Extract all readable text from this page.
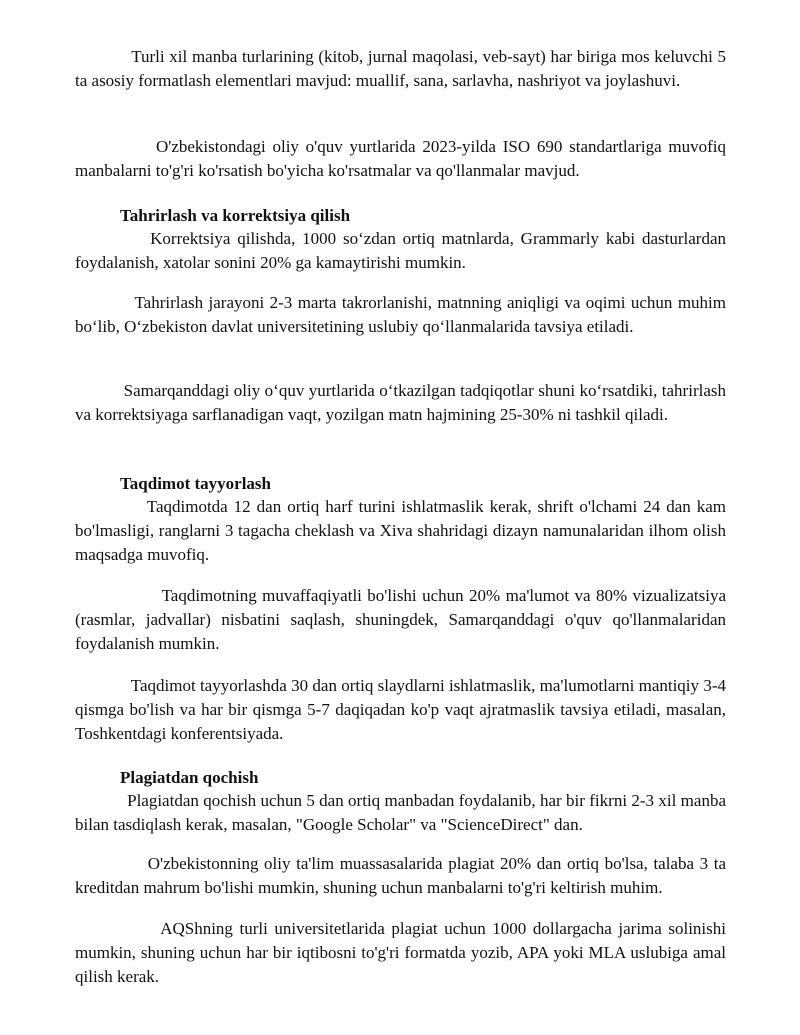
Turli xil manba turlarining (kitob, jurnal maqolasi, veb-sayt) har biriga mos keluvchi 5 ta asosiy formatlash elementlari mavjud: muallif, sana, sarlavha, nashriyot va joylashuvi.

O'zbekistondagi oliy o'quv yurtlarida 2023-yilda ISO 690 standartlariga muvofiq manbalarni to'g'ri ko'rsatish bo'yicha ko'rsatmalar va qo'llanmalar mavjud.

Tahrirlash va korrektsiya qilish

Korrektsiya qilishda, 1000 so‘zdan ortiq matnlarda, Grammarly kabi dasturlardan foydalanish, xatolar sonini 20% ga kamaytirishi mumkin.

Tahrirlash jarayoni 2-3 marta takrorlanishi, matnning aniqligi va oqimi uchun muhim bo‘lib, O‘zbekiston davlat universitetining uslubiy qo‘llanmalarida tavsiya etiladi.

Samarqanddagi oliy o‘quv yurtlarida o‘tkazilgan tadqiqotlar shuni ko‘rsatdiki, tahrirlash va korrektsiyaga sarflanadigan vaqt, yozilgan matn hajmining 25-30% ni tashkil qiladi.

Taqdimot tayyorlash

Taqdimotda 12 dan ortiq harf turini ishlatmaslik kerak, shrift o'lchami 24 dan kam bo'lmasligi, ranglarni 3 tagacha cheklash va Xiva shahridagi dizayn namunalaridan ilhom olish maqsadga muvofiq.

Taqdimotning muvaffaqiyatli bo'lishi uchun 20% ma'lumot va 80% vizualizatsiya (rasmlar, jadvallar) nisbatini saqlash, shuningdek, Samarqanddagi o'quv qo'llanmalaridan foydalanish mumkin.

Taqdimot tayyorlashda 30 dan ortiq slaydlarni ishlatmaslik, ma'lumotlarni mantiqiy 3-4 qismga bo'lish va har bir qismga 5-7 daqiqadan ko'p vaqt ajratmaslik tavsiya etiladi, masalan, Toshkentdagi konferentsiyada.

Plagiatdan qochish

Plagiatdan qochish uchun 5 dan ortiq manbadan foydalanib, har bir fikrni 2-3 xil manba bilan tasdiqlash kerak, masalan, "Google Scholar" va "ScienceDirect" dan.

O'zbekistonning oliy ta'lim muassasalarida plagiat 20% dan ortiq bo'lsa, talaba 3 ta kreditdan mahrum bo'lishi mumkin, shuning uchun manbalarni to'g'ri keltirish muhim.

AQShning turli universitetlarida plagiat uchun 1000 dollargacha jarima solinishi mumkin, shuning uchun har bir iqtibosni to'g'ri formatda yozib, APA yoki MLA uslubiga amal qilish kerak.
